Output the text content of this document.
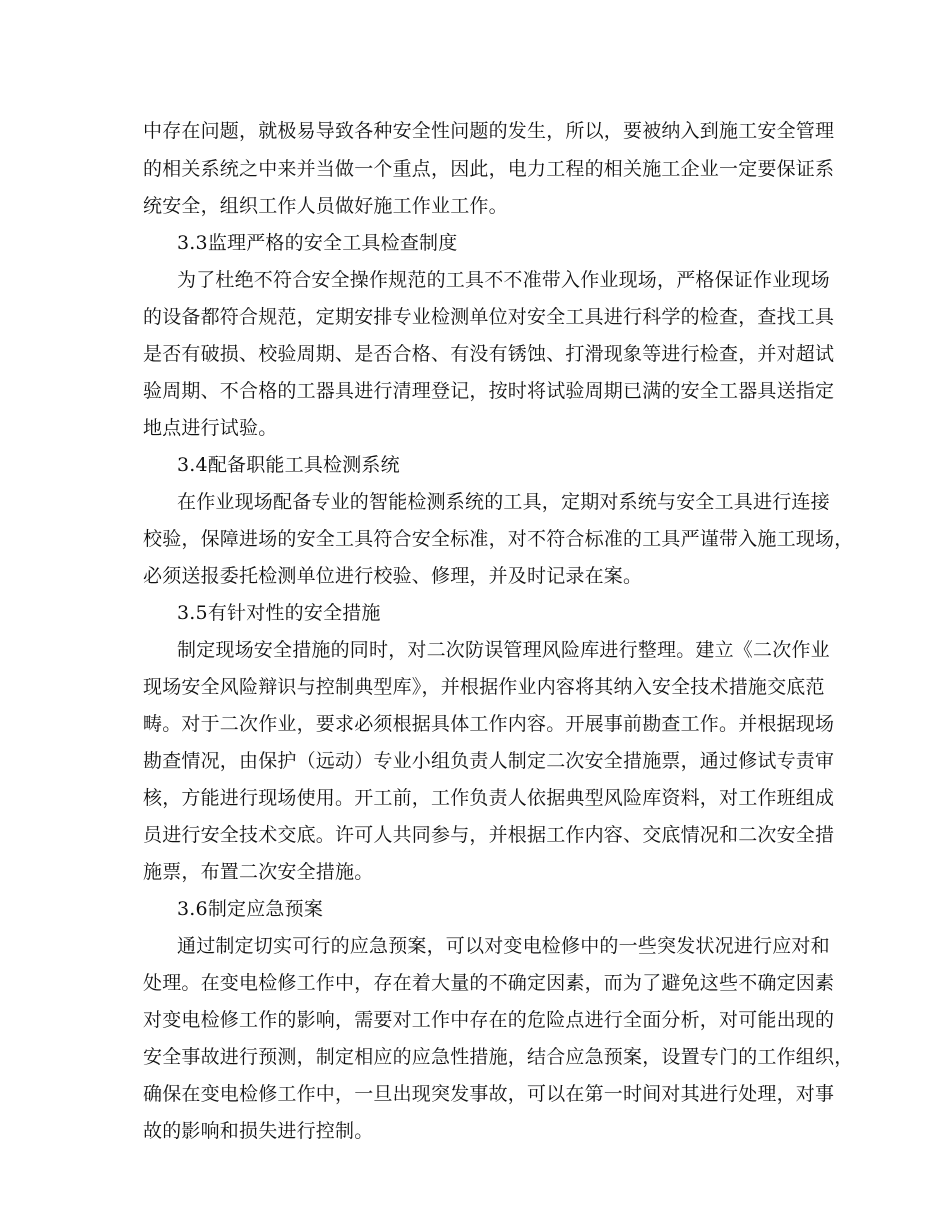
中存在问题，就极易导致各种安全性问题的发生，所以，要被纳入到施工安全管理
的相关系统之中来并当做一个重点，因此，电力工程的相关施工企业一定要保证系
统安全，组织工作人员做好施工作业工作。
3.3监理严格的安全工具检查制度
为了杜绝不符合安全操作规范的工具不不准带入作业现场，严格保证作业现场
的设备都符合规范，定期安排专业检测单位对安全工具进行科学的检查，查找工具
是否有破损、校验周期、是否合格、有没有锈蚀、打滑现象等进行检查，并对超试
验周期、不合格的工器具进行清理登记，按时将试验周期已满的安全工器具送指定
地点进行试验。
3.4配备职能工具检测系统
在作业现场配备专业的智能检测系统的工具，定期对系统与安全工具进行连接
校验，保障进场的安全工具符合安全标准，对不符合标准的工具严谨带入施工现场，
必须送报委托检测单位进行校验、修理，并及时记录在案。
3.5有针对性的安全措施
制定现场安全措施的同时，对二次防误管理风险库进行整理。建立《二次作业
现场安全风险辩识与控制典型库》，并根据作业内容将其纳入安全技术措施交底范
畴。对于二次作业，要求必须根据具体工作内容。开展事前勘查工作。并根据现场
勘查情况，由保护（远动）专业小组负责人制定二次安全措施票，通过修试专责审
核，方能进行现场使用。开工前，工作负责人依据典型风险库资料，对工作班组成
员进行安全技术交底。许可人共同参与，并根据工作内容、交底情况和二次安全措
施票，布置二次安全措施。
3.6制定应急预案
通过制定切实可行的应急预案，可以对变电检修中的一些突发状况进行应对和
处理。在变电检修工作中，存在着大量的不确定因素，而为了避免这些不确定因素
对变电检修工作的影响，需要对工作中存在的危险点进行全面分析，对可能出现的
安全事故进行预测，制定相应的应急性措施，结合应急预案，设置专门的工作组织，
确保在变电检修工作中，一旦出现突发事故，可以在第一时间对其进行处理，对事
故的影响和损失进行控制。
